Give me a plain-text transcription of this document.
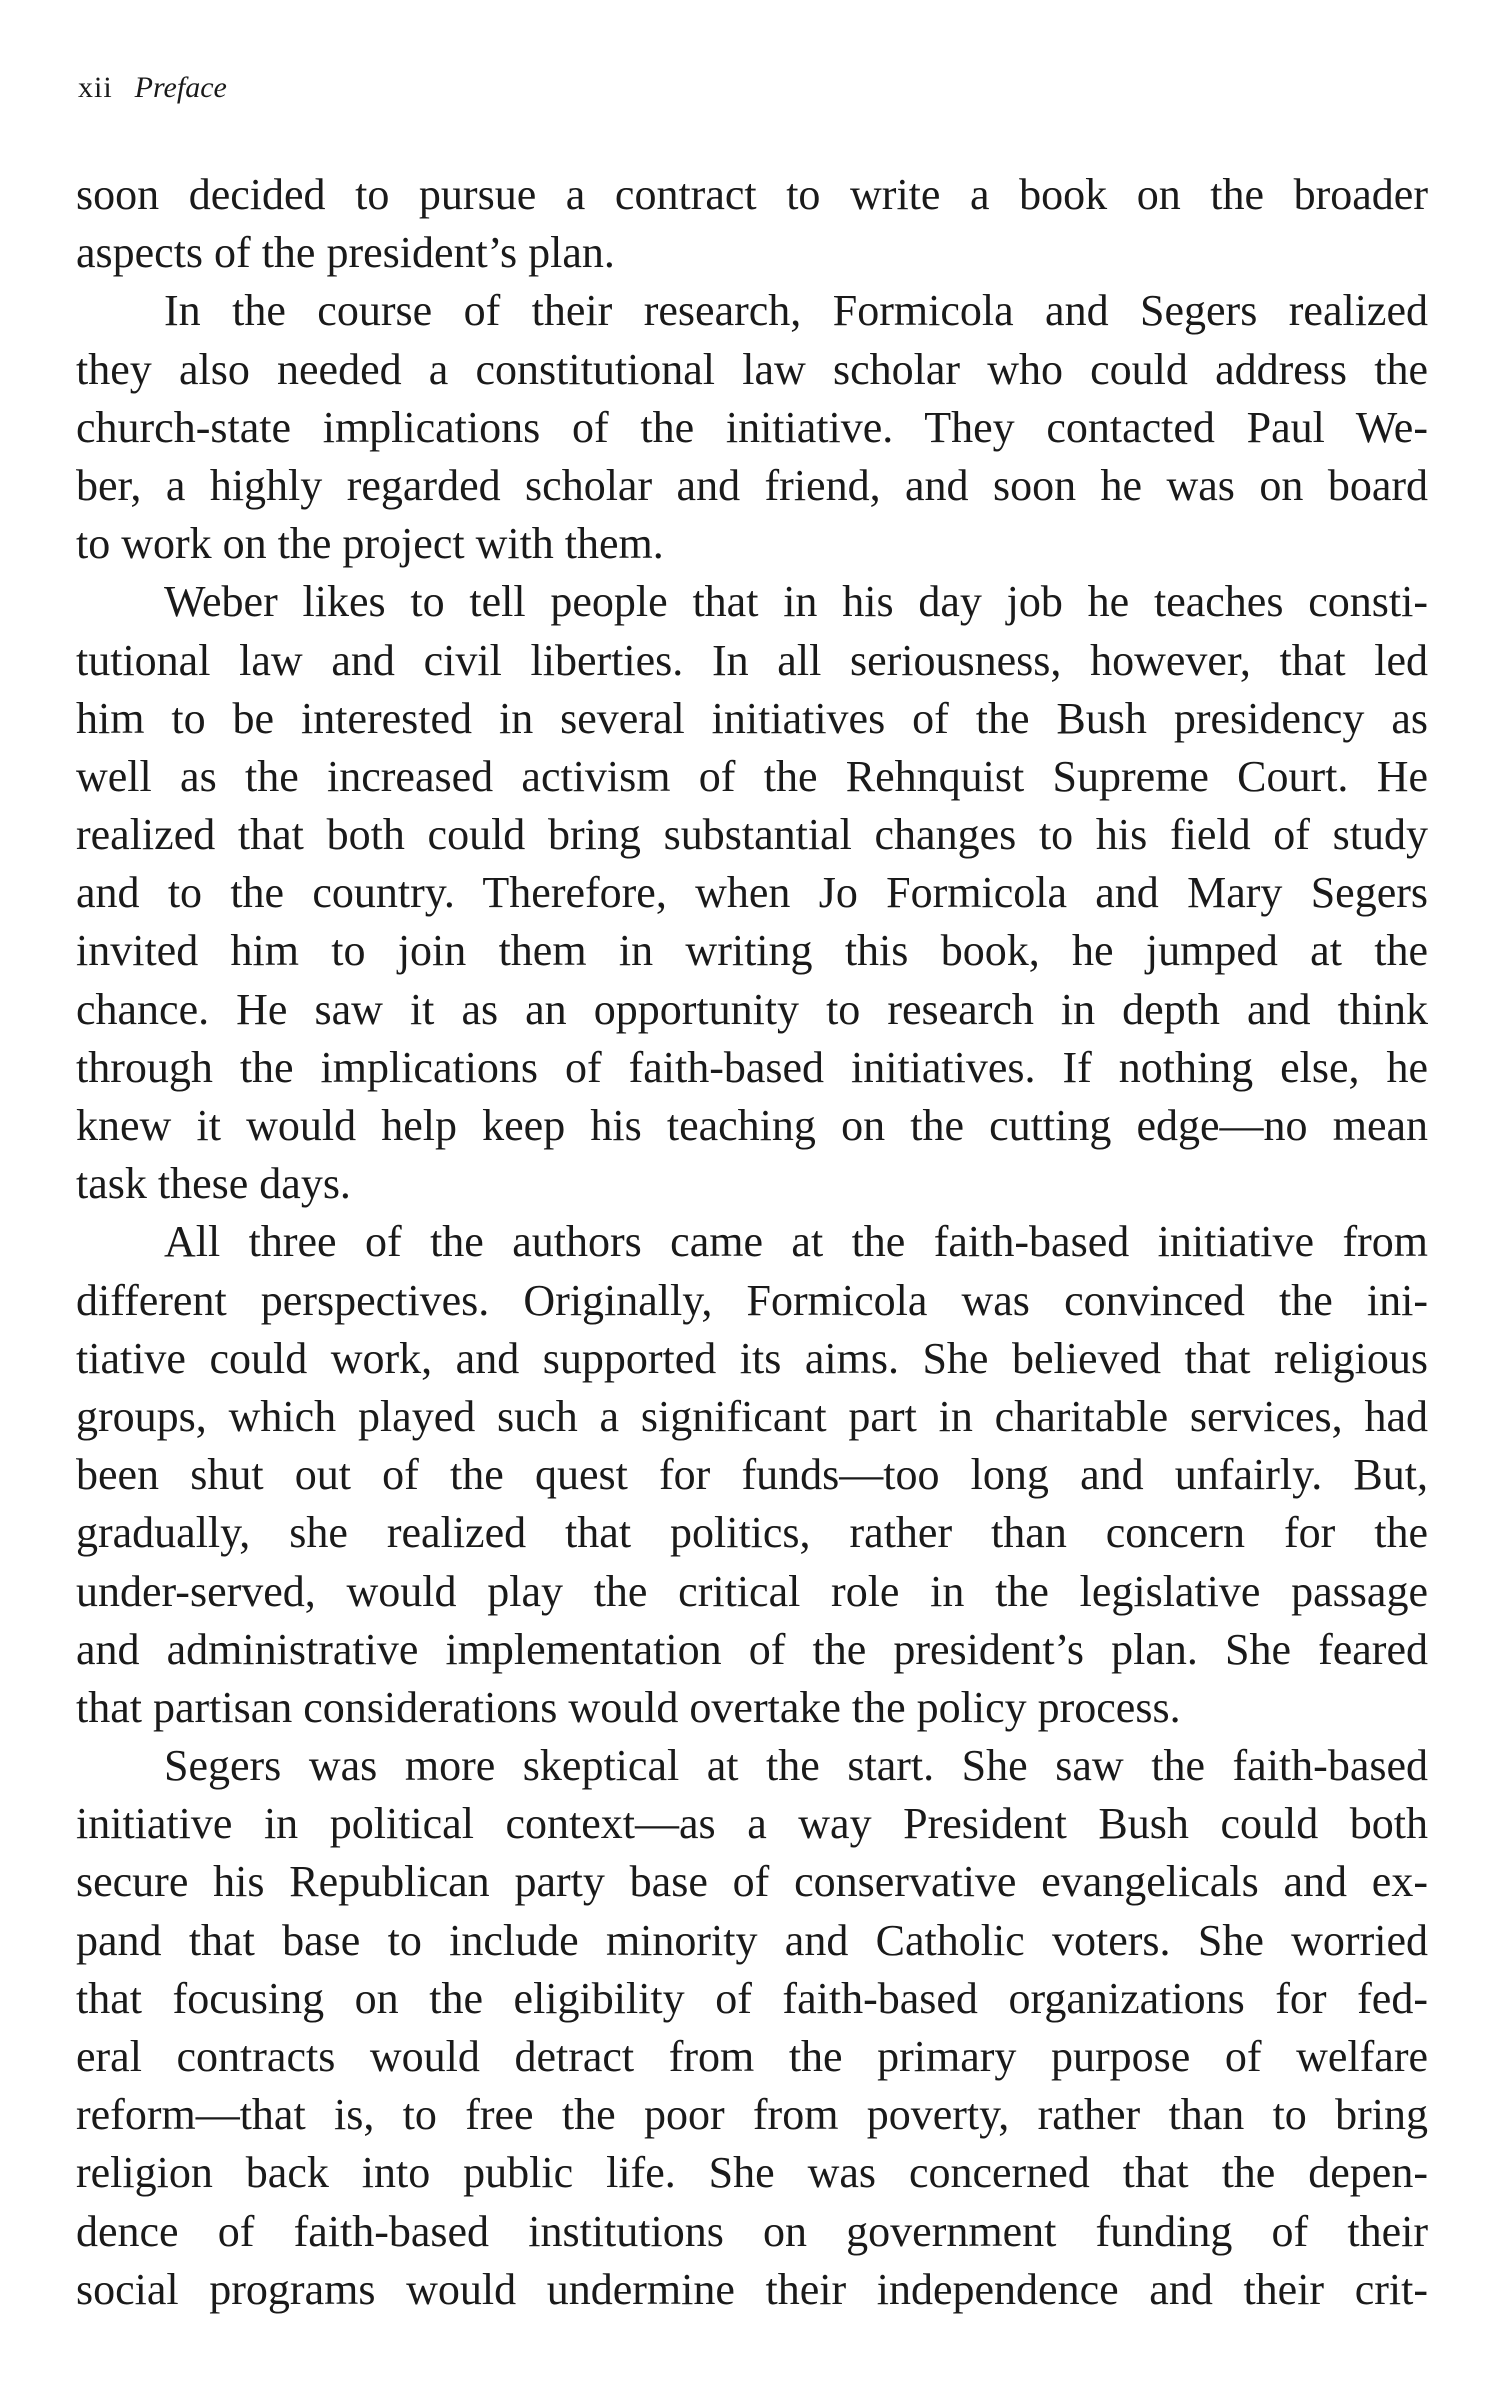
xii Preface

soon decided to pursue a contract to write a book on the broader
aspects of the president’s plan.

In the course of their research, Formicola and Segers realized
they also needed a constitutional law scholar who could address the
church-state implications of the initiative. They contacted Paul We-
ber, a highly regarded scholar and friend, and soon he was on board
to work on the project with them.

Weber likes to tell people that in his day job he teaches consti-
tutional law and civil liberties. In all seriousness, however, that led
him to be interested in several initiatives of the Bush presidency as
well as the increased activism of the Rehnquist Supreme Court. He
realized that both could bring substantial changes to his field of study
and to the country. Therefore, when Jo Formicola and Mary Segers
invited him to join them in writing this book, he jumped at the
chance. He saw it as an opportunity to research in depth and think
through the implications of faith-based initiatives. If nothing else, he
knew it would help keep his teaching on the cutting edge—no mean
task these days.

All three of the authors came at the faith-based initiative from
different perspectives. Originally, Formicola was convinced the ini-
tiative could work, and supported its aims. She believed that religious
groups, which played such a significant part in charitable services, had
been shut out of the quest for funds—too long and unfairly. But,
gradually, she realized that politics, rather than concern for the
under-served, would play the critical role in the legislative passage
and administrative implementation of the president’s plan. She feared
that partisan considerations would overtake the policy process.

Segers was more skeptical at the start. She saw the faith-based
initiative in political context—as a way President Bush could both
secure his Republican party base of conservative evangelicals and ex-
pand that base to include minority and Catholic voters. She worried
that focusing on the eligibility of faith-based organizations for fed-
eral contracts would detract from the primary purpose of welfare
reform—that is, to free the poor from poverty, rather than to bring
religion back into public life. She was concerned that the depen-
dence of faith-based institutions on government funding of their
social programs would undermine their independence and their crit-
